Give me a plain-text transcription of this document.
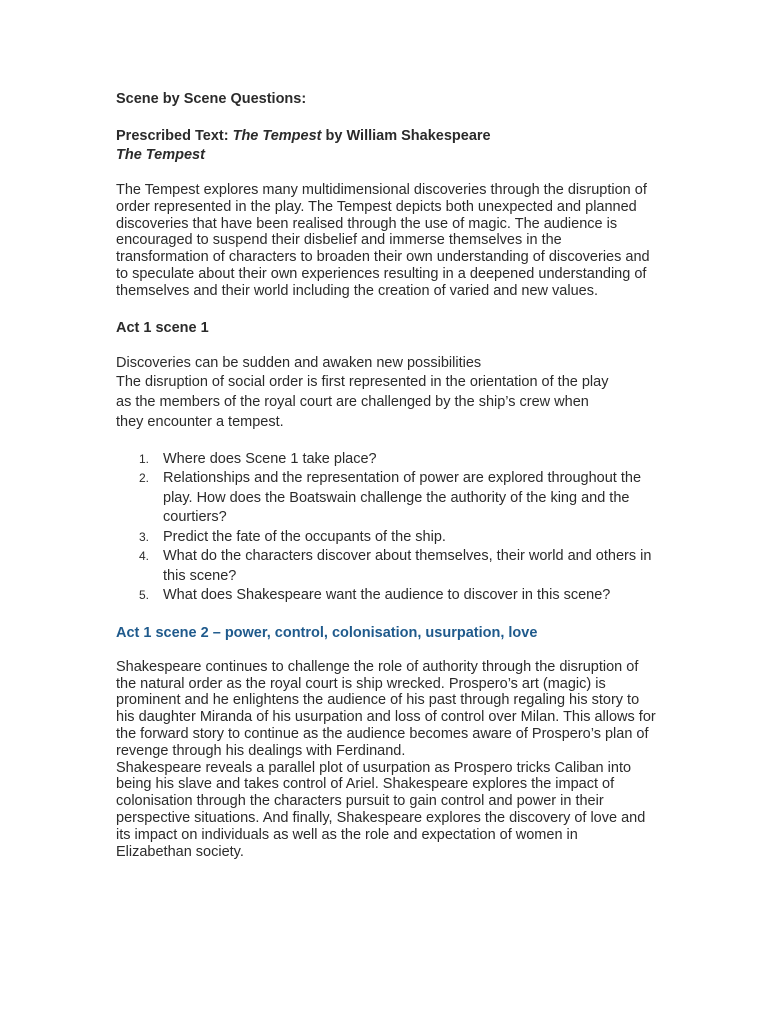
Scene by Scene Questions:

Prescribed Text: The Tempest by William Shakespeare

The Tempest

The Tempest explores many multidimensional discoveries through the disruption of order represented in the play. The Tempest depicts both unexpected and planned discoveries that have been realised through the use of magic. The audience is encouraged to suspend their disbelief and immerse themselves in the transformation of characters to broaden their own understanding of discoveries and to speculate about their own experiences resulting in a deepened understanding of themselves and their world including the creation of varied and new values.

Act 1 scene 1

Discoveries can be sudden and awaken new possibilities

The disruption of social order is first represented in the orientation of the play

as the members of the royal court are challenged by the ship’s crew when

they encounter a tempest.

1. Where does Scene 1 take place?
2. Relationships and the representation of power are explored throughout the play. How does the Boatswain challenge the authority of the king and the courtiers?
3. Predict the fate of the occupants of the ship.
4. What do the characters discover about themselves, their world and others in this scene?
5. What does Shakespeare want the audience to discover in this scene?

Act 1 scene 2 – power, control, colonisation, usurpation, love

Shakespeare continues to challenge the role of authority through the disruption of the natural order as the royal court is ship wrecked. Prospero’s art (magic) is prominent and he enlightens the audience of his past through regaling his story to his daughter Miranda of his usurpation and loss of control over Milan. This allows for the forward story to continue as the audience becomes aware of Prospero’s plan of revenge through his dealings with Ferdinand.

Shakespeare reveals a parallel plot of usurpation as Prospero tricks Caliban into being his slave and takes control of Ariel. Shakespeare explores the impact of colonisation through the characters pursuit to gain control and power in their perspective situations. And finally, Shakespeare explores the discovery of love and its impact on individuals as well as the role and expectation of women in Elizabethan society.
